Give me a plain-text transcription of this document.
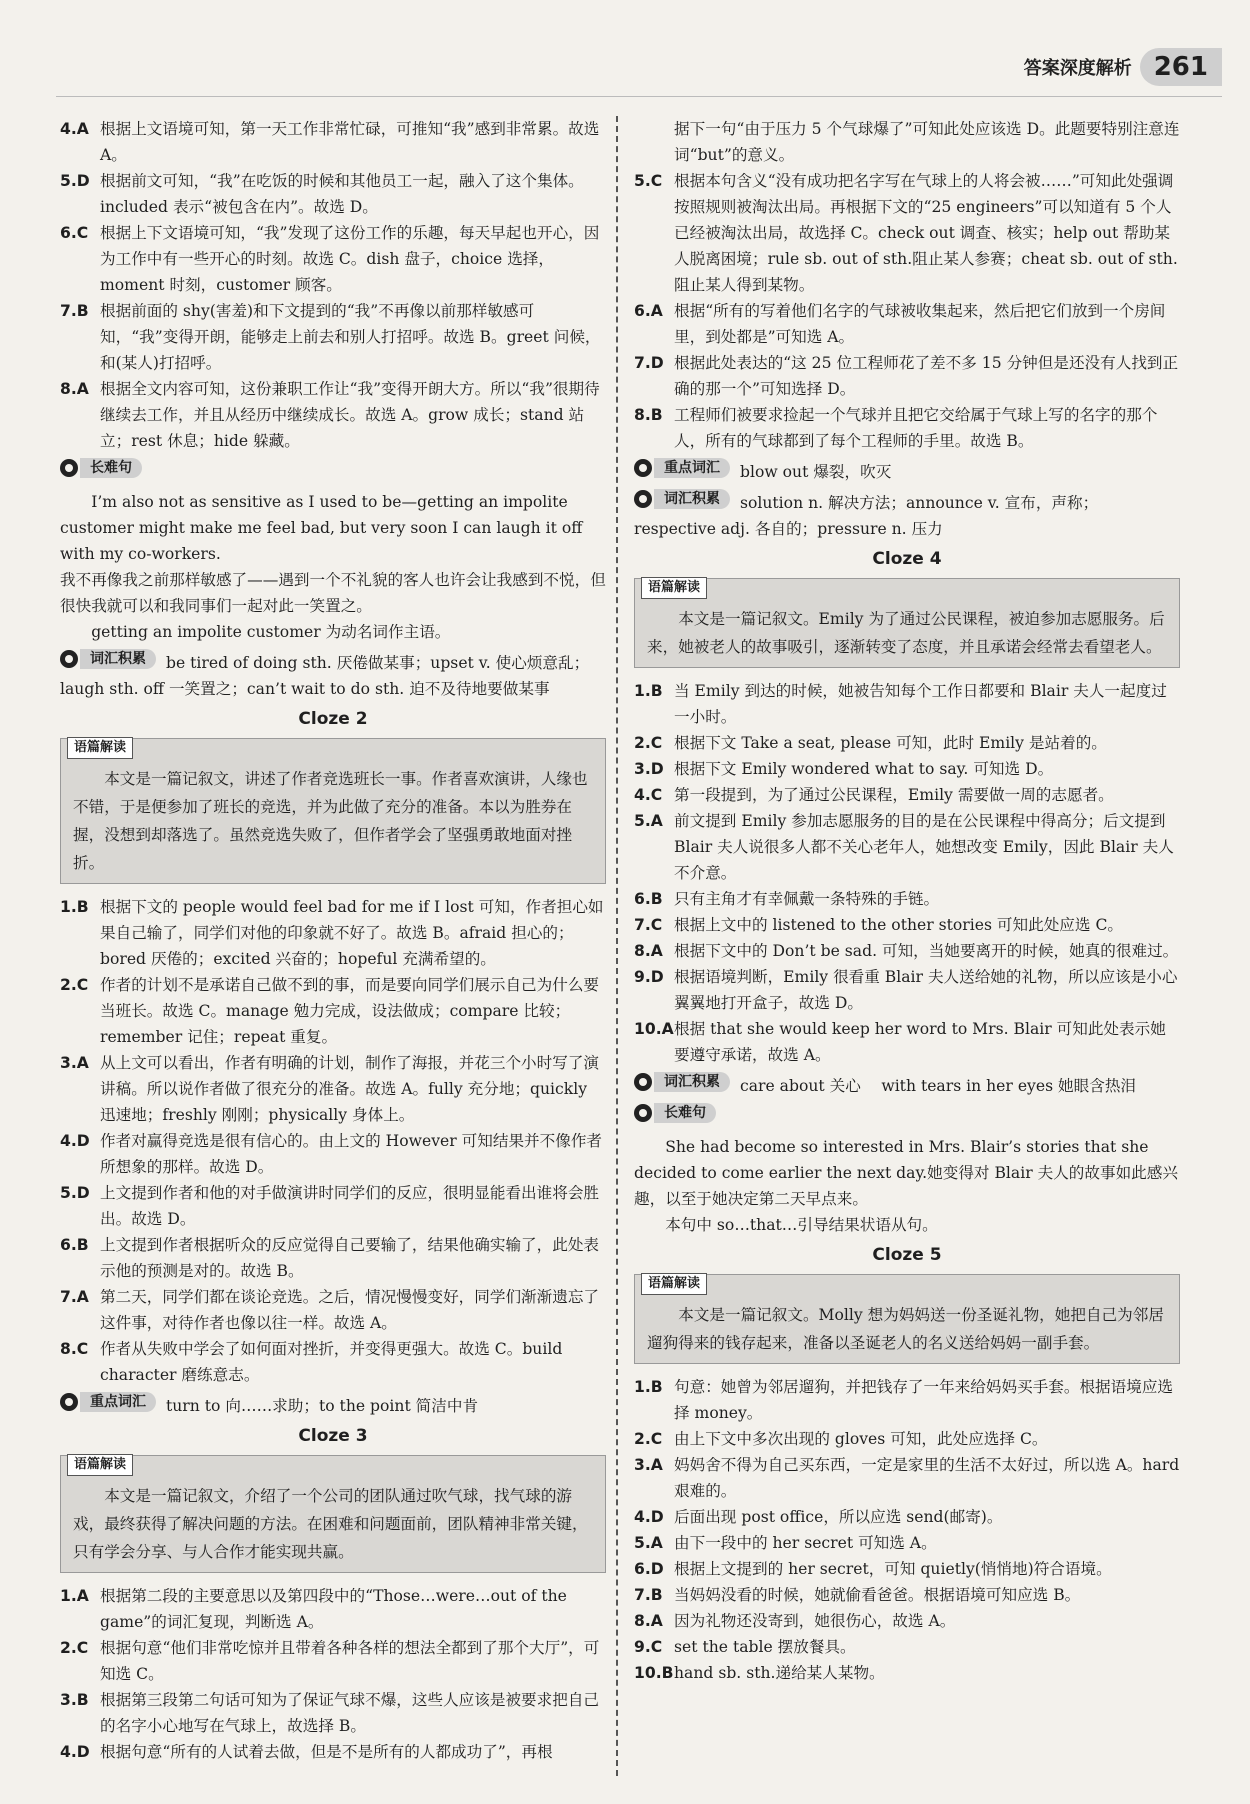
答案深度解析 261
4.A 根据上文语境可知，第一天工作非常忙碌，可推知“我”感到非常累。故选 A。
5.D 根据前文可知，“我”在吃饭的时候和其他员工一起，融入了这个集体。included 表示“被包含在内”。故选 D。
6.C 根据上下文语境可知，“我”发现了这份工作的乐趣，每天早起也开心，因为工作中有一些开心的时刻。故选 C。dish 盘子，choice 选择，moment 时刻，customer 顾客。
7.B 根据前面的 shy(害羞)和下文提到的“我”不再像以前那样敏感可知，“我”变得开朗，能够走上前去和别人打招呼。故选 B。greet 问候，和(某人)打招呼。
8.A 根据全文内容可知，这份兼职工作让“我”变得开朗大方。所以“我”很期待继续去工作，并且从经历中继续成长。故选 A。grow 成长；stand 站立；rest 休息；hide 躲藏。
长难句
I’m also not as sensitive as I used to be—getting an impolite customer might make me feel bad, but very soon I can laugh it off with my co-workers.
我不再像我之前那样敏感了——遇到一个不礼貌的客人也许会让我感到不悦，但很快我就可以和我同事们一起对此一笑置之。
getting an impolite customer 为动名词作主语。
词汇积累	be tired of doing sth. 厌倦做某事；upset v. 使心烦意乱；laugh sth. off 一笑置之；can’t wait to do sth. 迫不及待地要做某事
Cloze 2
语篇解读
本文是一篇记叙文，讲述了作者竞选班长一事。作者喜欢演讲，人缘也不错，于是便参加了班长的竞选，并为此做了充分的准备。本以为胜券在握，没想到却落选了。虽然竞选失败了，但作者学会了坚强勇敢地面对挫折。
1.B 根据下文的 people would feel bad for me if I lost 可知，作者担心如果自己输了，同学们对他的印象就不好了。故选 B。afraid 担心的；bored 厌倦的；excited 兴奋的；hopeful 充满希望的。
2.C 作者的计划不是承诺自己做不到的事，而是要向同学们展示自己为什么要当班长。故选 C。manage 勉力完成，设法做成；compare 比较；remember 记住；repeat 重复。
3.A 从上文可以看出，作者有明确的计划，制作了海报，并花三个小时写了演讲稿。所以说作者做了很充分的准备。故选 A。fully 充分地；quickly 迅速地；freshly 刚刚；physically 身体上。
4.D 作者对赢得竞选是很有信心的。由上文的 However 可知结果并不像作者所想象的那样。故选 D。
5.D 上文提到作者和他的对手做演讲时同学们的反应，很明显能看出谁将会胜出。故选 D。
6.B 上文提到作者根据听众的反应觉得自己要输了，结果他确实输了，此处表示他的预测是对的。故选 B。
7.A 第二天，同学们都在谈论竞选。之后，情况慢慢变好，同学们渐渐遗忘了这件事，对待作者也像以往一样。故选 A。
8.C 作者从失败中学会了如何面对挫折，并变得更强大。故选 C。build character 磨练意志。
重点词汇	turn to 向……求助；to the point 简洁中肯
Cloze 3
语篇解读
本文是一篇记叙文，介绍了一个公司的团队通过吹气球，找气球的游戏，最终获得了解决问题的方法。在困难和问题面前，团队精神非常关键，只有学会分享、与人合作才能实现共赢。
1.A 根据第二段的主要意思以及第四段中的“Those…were…out of the game”的词汇复现，判断选 A。
2.C 根据句意“他们非常吃惊并且带着各种各样的想法全都到了那个大厅”，可知选 C。
3.B 根据第三段第二句话可知为了保证气球不爆，这些人应该是被要求把自己的名字小心地写在气球上，故选择 B。
4.D 根据句意“所有的人试着去做，但是不是所有的人都成功了”，再根
据下一句“由于压力 5 个气球爆了”可知此处应该选 D。此题要特别注意连词“but”的意义。
5.C 根据本句含义“没有成功把名字写在气球上的人将会被……”可知此处强调按照规则被淘汰出局。再根据下文的“25 engineers”可以知道有 5 个人已经被淘汰出局，故选择 C。check out 调查、核实；help out 帮助某人脱离困境；rule sb. out of sth.阻止某人参赛；cheat sb. out of sth.阻止某人得到某物。
6.A 根据“所有的写着他们名字的气球被收集起来，然后把它们放到一个房间里，到处都是”可知选 A。
7.D 根据此处表达的“这 25 位工程师花了差不多 15 分钟但是还没有人找到正确的那一个”可知选择 D。
8.B 工程师们被要求捡起一个气球并且把它交给属于气球上写的名字的那个人，所有的气球都到了每个工程师的手里。故选 B。
重点词汇	blow out 爆裂，吹灭
词汇积累	solution n. 解决方法；announce v. 宣布，声称；respective adj. 各自的；pressure n. 压力
Cloze 4
语篇解读
本文是一篇记叙文。Emily 为了通过公民课程，被迫参加志愿服务。后来，她被老人的故事吸引，逐渐转变了态度，并且承诺会经常去看望老人。
1.B 当 Emily 到达的时候，她被告知每个工作日都要和 Blair 夫人一起度过一小时。
2.C 根据下文 Take a seat, please 可知，此时 Emily 是站着的。
3.D 根据下文 Emily wondered what to say. 可知选 D。
4.C 第一段提到，为了通过公民课程，Emily 需要做一周的志愿者。
5.A 前文提到 Emily 参加志愿服务的目的是在公民课程中得高分；后文提到 Blair 夫人说很多人都不关心老年人，她想改变 Emily，因此 Blair 夫人不介意。
6.B 只有主角才有幸佩戴一条特殊的手链。
7.C 根据上文中的 listened to the other stories 可知此处应选 C。
8.A 根据下文中的 Don’t be sad. 可知，当她要离开的时候，她真的很难过。
9.D 根据语境判断，Emily 很看重 Blair 夫人送给她的礼物，所以应该是小心翼翼地打开盒子，故选 D。
10.A 根据 that she would keep her word to Mrs. Blair 可知此处表示她要遵守承诺，故选 A。
词汇积累	care about 关心　 with tears in her eyes 她眼含热泪
长难句
She had become so interested in Mrs. Blair’s stories that she decided to come earlier the next day.她变得对 Blair 夫人的故事如此感兴趣，以至于她决定第二天早点来。
本句中 so…that…引导结果状语从句。
Cloze 5
语篇解读
本文是一篇记叙文。Molly 想为妈妈送一份圣诞礼物，她把自己为邻居遛狗得来的钱存起来，准备以圣诞老人的名义送给妈妈一副手套。
1.B 句意：她曾为邻居遛狗，并把钱存了一年来给妈妈买手套。根据语境应选择 money。
2.C 由上下文中多次出现的 gloves 可知，此处应选择 C。
3.A 妈妈舍不得为自己买东西，一定是家里的生活不太好过，所以选 A。hard 艰难的。
4.D 后面出现 post office，所以应选 send(邮寄)。
5.A 由下一段中的 her secret 可知选 A。
6.D 根据上文提到的 her secret，可知 quietly(悄悄地)符合语境。
7.B 当妈妈没看的时候，她就偷看爸爸。根据语境可知应选 B。
8.A 因为礼物还没寄到，她很伤心，故选 A。
9.C set the table 摆放餐具。
10.B hand sb. sth.递给某人某物。
